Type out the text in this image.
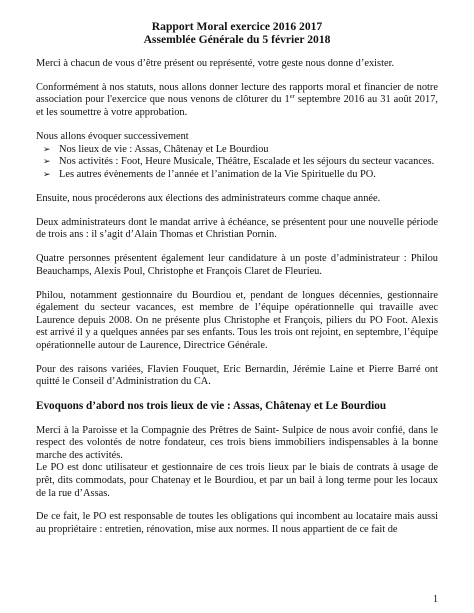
Rapport Moral exercice 2016 2017
Assemblée Générale du 5 février 2018

Merci à chacun de vous d’être présent ou représenté, votre geste nous donne d’exister.

Conformément à nos statuts, nous allons donner lecture des rapports moral et financier de notre association pour l'exercice que nous venons de clôturer du 1er septembre 2016 au 31 août 2017, et les soumettre à votre approbation.

Nous allons évoquer successivement

➢ Nos lieux de vie : Assas, Châtenay et Le Bourdiou
➢ Nos activités : Foot, Heure Musicale, Théâtre, Escalade et les séjours du secteur vacances.
➢ Les autres évènements de l’année et l’animation de la Vie Spirituelle du PO.

Ensuite, nous procéderons aux élections des administrateurs comme chaque année.

Deux administrateurs dont le mandat arrive à échéance, se présentent pour une nouvelle période de trois ans : il s’agit d’Alain Thomas et Christian Pornin.

Quatre personnes présentent également leur candidature à un poste d’administrateur : Philou Beauchamps, Alexis Poul, Christophe et François Claret de Fleurieu.

Philou, notamment gestionnaire du Bourdiou et, pendant de longues décennies, gestionnaire également du secteur vacances, est membre de l’équipe opérationnelle qui travaille avec Laurence depuis 2008. On ne présente plus Christophe et François, piliers du PO Foot. Alexis est arrivé il y a quelques années par ses enfants. Tous les trois ont rejoint, en septembre, l’équipe opérationnelle autour de Laurence, Directrice Générale.

Pour des raisons variées, Flavien Fouquet, Eric Bernardin, Jérémie Laine et Pierre Barré ont quitté le Conseil d’Administration du CA.

Evoquons d’abord nos trois lieux de vie : Assas, Châtenay et Le Bourdiou

Merci à la Paroisse et la Compagnie des Prêtres de Saint- Sulpice de nous avoir confié, dans le respect des volontés de notre fondateur, ces trois biens immobiliers indispensables à la bonne marche des activités.

Le PO est donc utilisateur et gestionnaire de ces trois lieux par le biais de contrats à usage de prêt, dits commodats, pour Chatenay et le Bourdiou, et par un bail à long terme pour les locaux de la rue d’Assas.

De ce fait, le PO est responsable de toutes les obligations qui incombent au locataire mais aussi au propriétaire : entretien, rénovation, mise aux normes. Il nous appartient de ce fait de

1
